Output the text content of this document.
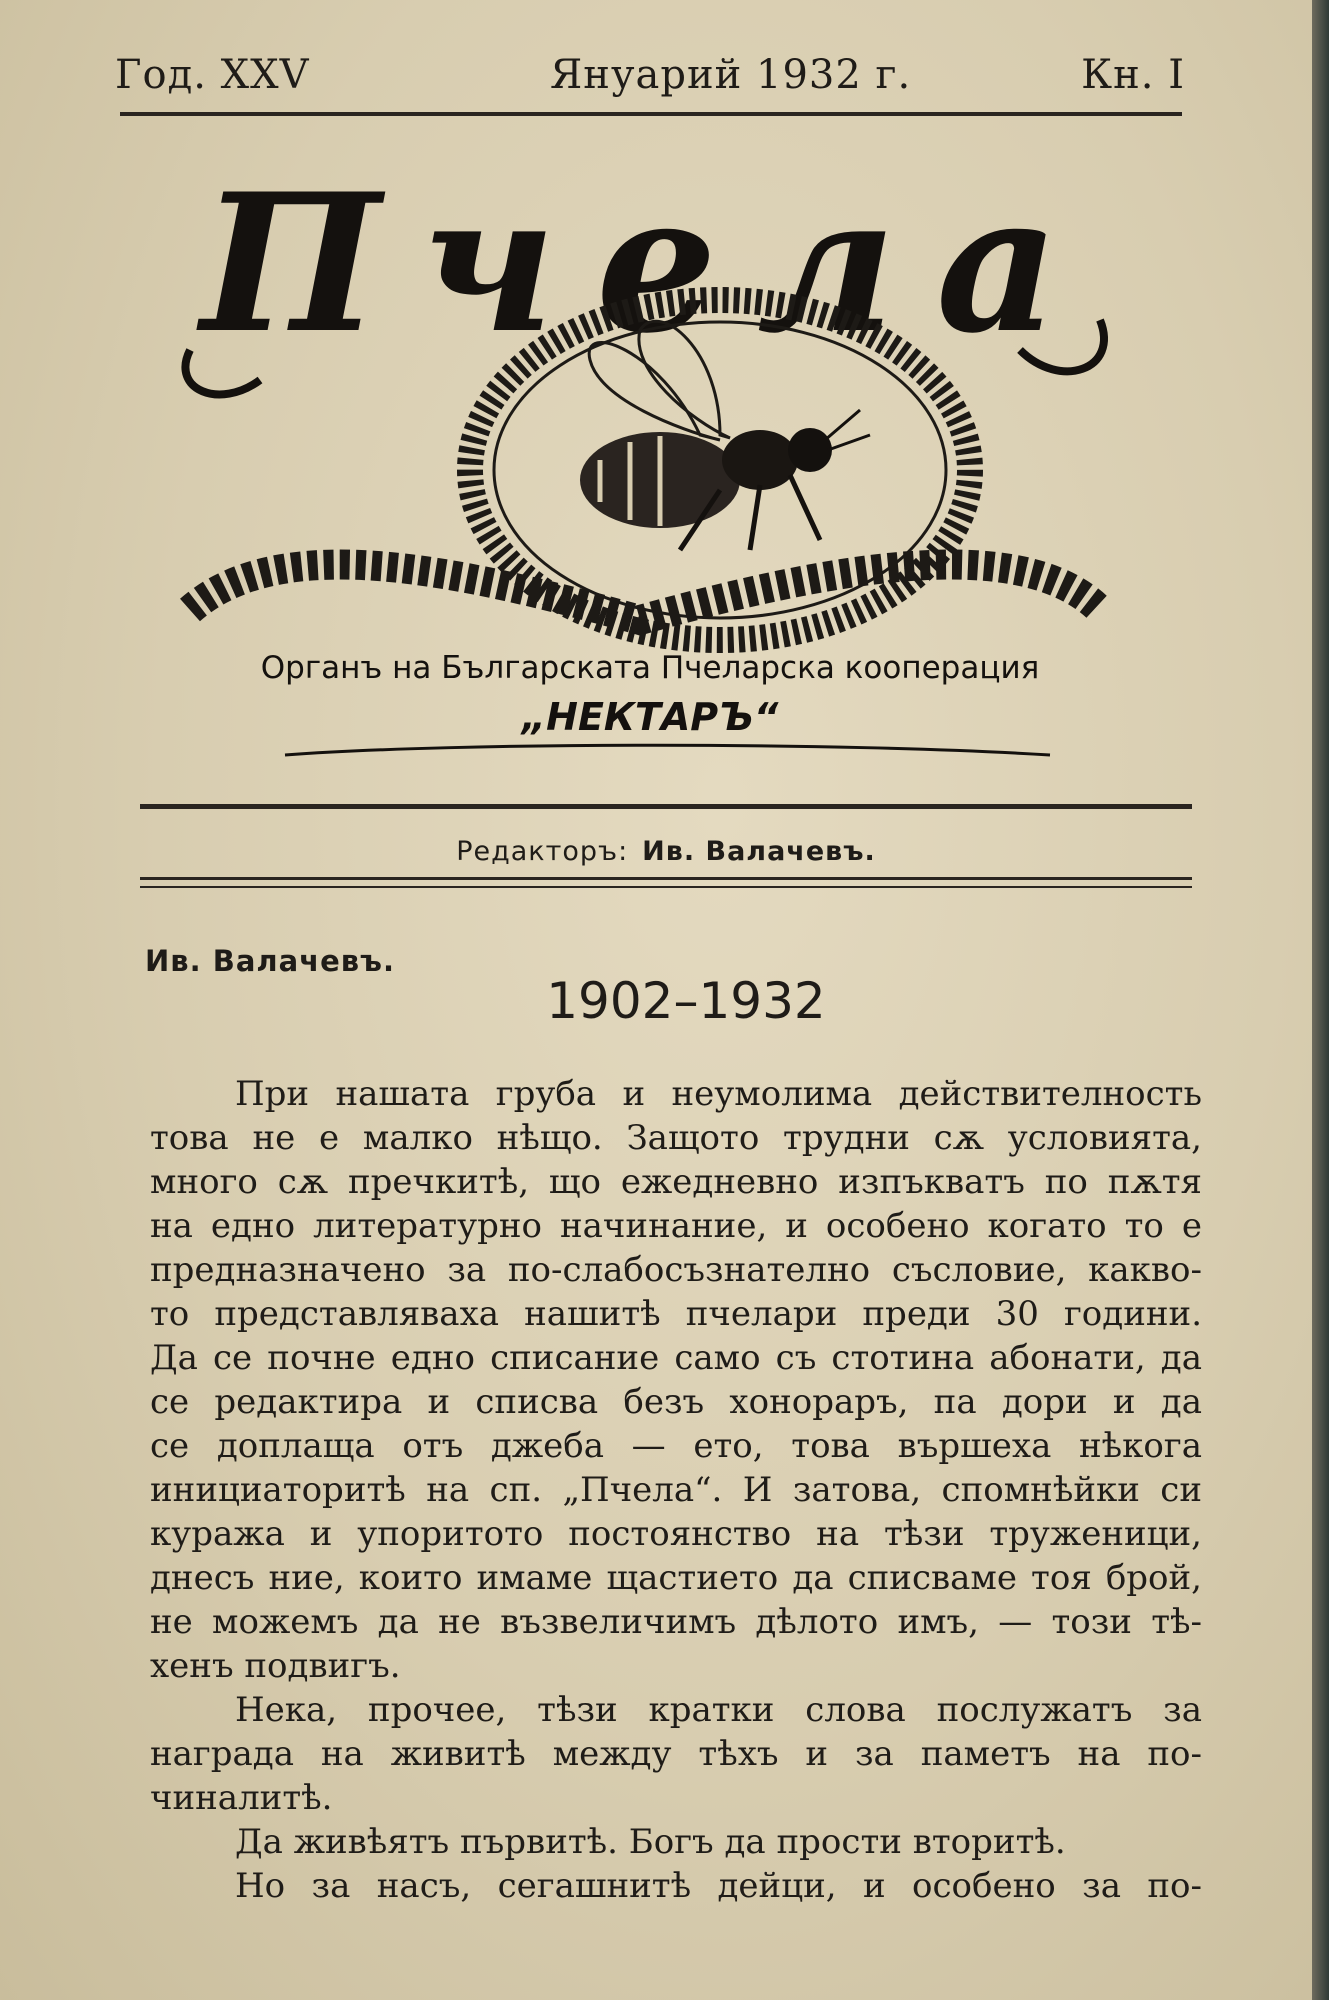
Год. XXV	Януарий 1932 г.	Кн. I
Пчела
Органъ на Българската Пчеларска кооперация
„НЕКТАРЪ“
Редакторъ: Ив. Валачевъ.
Ив. Валачевъ.
1902–1932
При нашата груба и неумолима действителность
това не е малко нѣщо. Защото трудни сѫ условията,
много сѫ пречкитѣ, що ежедневно изпъкватъ по пѫтя
на едно литературно начинание, и особено когато то е
предназначено за по-слабосъзнателно съсловие, какво-
то представляваха нашитѣ пчелари преди 30 години.
Да се почне едно списание само съ стотина абонати, да
се редактира и списва безъ хонораръ, па дори и да
се доплаща отъ джеба — ето, това вършеха нѣкога
инициаторитѣ на сп. „Пчела“. И затова, спомнѣйки си
куража и упоритото постоянство на тѣзи труженици,
днесъ ние, които имаме щастието да списваме тоя брой,
не можемъ да не възвеличимъ дѣлото имъ, — този тѣ-
хенъ подвигъ.
Нека, прочее, тѣзи кратки слова послужатъ за
награда на живитѣ между тѣхъ и за паметъ на по-
чиналитѣ.
Да живѣятъ първитѣ. Богъ да прости вторитѣ.
Но за насъ, сегашнитѣ дейци, и особено за по-
